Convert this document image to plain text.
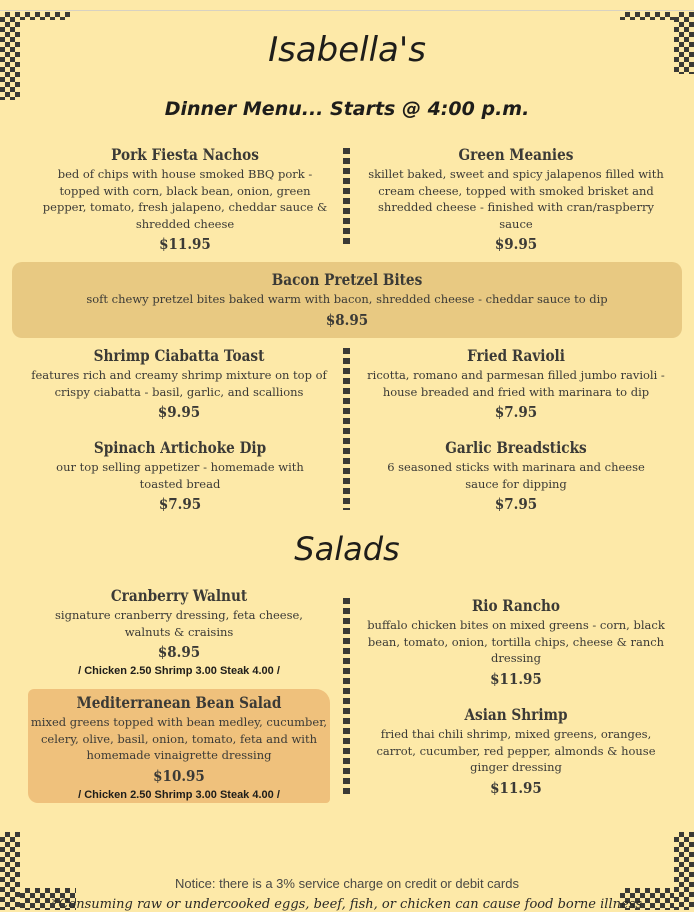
Isabella's
Dinner Menu... Starts @ 4:00 p.m.
Pork Fiesta Nachos
bed of chips with house smoked BBQ pork - topped with corn, black bean, onion, green pepper, tomato, fresh jalapeno, cheddar sauce & shredded cheese
$11.95
Green Meanies
skillet baked, sweet and spicy jalapenos filled with cream cheese, topped with smoked brisket and shredded cheese - finished with cran/raspberry sauce
$9.95
Bacon Pretzel Bites
soft chewy pretzel bites baked warm with bacon, shredded cheese - cheddar sauce to dip
$8.95
Shrimp Ciabatta Toast
features rich and creamy shrimp mixture on top of crispy ciabatta - basil, garlic, and scallions
$9.95
Fried Ravioli
ricotta, romano and parmesan filled jumbo ravioli - house breaded and fried with marinara to dip
$7.95
Spinach Artichoke Dip
our top selling appetizer - homemade with toasted bread
$7.95
Garlic Breadsticks
6 seasoned sticks with marinara and cheese sauce for dipping
$7.95
Salads
Cranberry Walnut
signature cranberry dressing, feta cheese, walnuts & craisins
$8.95
/ Chicken 2.50 Shrimp 3.00 Steak 4.00 /
Mediterranean Bean Salad
mixed greens topped with bean medley, cucumber, celery, olive, basil, onion, tomato, feta and with homemade vinaigrette dressing
$10.95
/ Chicken 2.50 Shrimp 3.00 Steak 4.00 /
Rio Rancho
buffalo chicken bites on mixed greens - corn, black bean, tomato, onion, tortilla chips, cheese & ranch dressing
$11.95
Asian Shrimp
fried thai chili shrimp, mixed greens, oranges, carrot, cucumber, red pepper, almonds & house ginger dressing
$11.95
Notice: there is a 3% service charge on credit or debit cards
*Consuming raw or undercooked eggs, beef, fish, or chicken can cause food borne illness
